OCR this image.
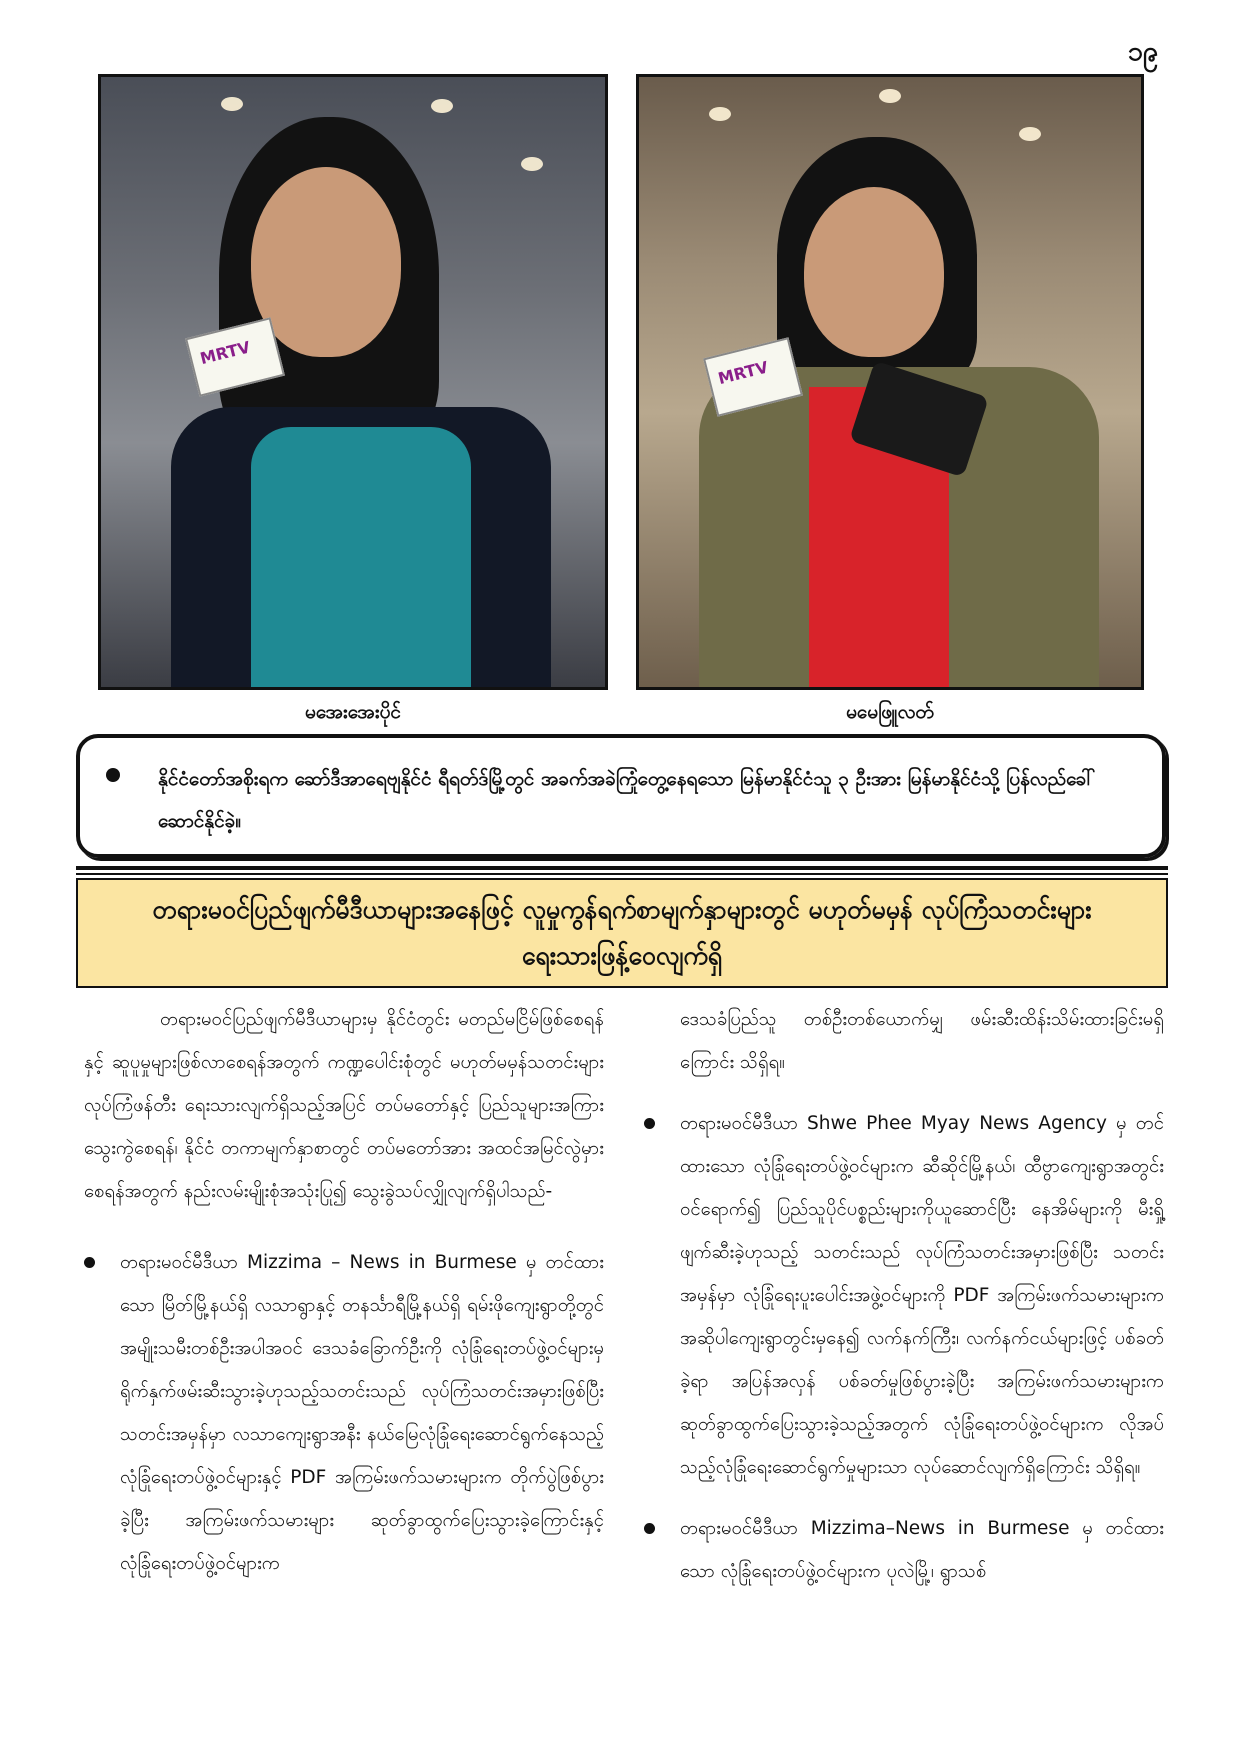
၁၉
MRTV
MRTV
မအေးအေးပိုင်	မမေဖြူလတ်

နိုင်ငံတော်အစိုးရက ဆော်ဒီအာရေဗျနိုင်ငံ ရီရတ်ဒ်မြို့တွင် အခက်အခဲကြုံတွေ့နေရသော မြန်မာနိုင်ငံသူ ၃ ဦးအား မြန်မာနိုင်ငံသို့ ပြန်လည်ခေါ်ဆောင်နိုင်ခဲ့။

တရားမဝင်ပြည်ဖျက်မီဒီယာများအနေဖြင့် လူမှုကွန်ရက်စာမျက်နှာများတွင် မဟုတ်မမှန် လုပ်ကြံသတင်းများ ရေးသားဖြန့်ဝေလျက်ရှိ

တရားမဝင်ပြည်ဖျက်မီဒီယာများမှ နိုင်ငံတွင်း မတည်မငြိမ်ဖြစ်စေရန်နှင့် ဆူပူမှုများဖြစ်လာစေရန်အတွက် ကဏ္ဍပေါင်းစုံတွင် မဟုတ်မမှန်သတင်းများ လုပ်ကြံဖန်တီး ရေးသားလျက်ရှိသည့်အပြင် တပ်မတော်နှင့် ပြည်သူများအကြား သွေးကွဲစေရန်၊ နိုင်ငံ တကာမျက်နှာစာတွင် တပ်မတော်အား အထင်အမြင်လွဲမှားစေရန်အတွက် နည်းလမ်းမျိုးစုံအသုံးပြု၍ သွေးခွဲသပ်လျှိုလျက်ရှိပါသည်-

တရားမဝင်မီဒီယာ Mizzima – News in Burmese မှ တင်ထားသော မြိတ်မြို့နယ်ရှိ လသာရွာနှင့် တနင်္သာရီမြို့နယ်ရှိ ရမ်းဖိုကျေးရွာတို့တွင် အမျိုးသမီးတစ်ဦးအပါအဝင် ဒေသခံခြောက်ဦးကို လုံခြုံရေးတပ်ဖွဲ့ဝင်များမှ ရိုက်နှက်ဖမ်းဆီးသွားခဲ့ဟုသည့်သတင်းသည် လုပ်ကြံသတင်းအမှားဖြစ်ပြီး သတင်းအမှန်မှာ လသာကျေးရွာအနီး နယ်မြေလုံခြုံရေးဆောင်ရွက်နေသည့် လုံခြုံရေးတပ်ဖွဲ့ဝင်များနှင့် PDF အကြမ်းဖက်သမားများက တိုက်ပွဲဖြစ်ပွားခဲ့ပြီး အကြမ်းဖက်သမားများ ဆုတ်ခွာထွက်ပြေးသွားခဲ့ကြောင်းနှင့် လုံခြုံရေးတပ်ဖွဲ့ဝင်များက

ဒေသခံပြည်သူ တစ်ဦးတစ်ယောက်မျှ ဖမ်းဆီးထိန်းသိမ်းထားခြင်းမရှိကြောင်း သိရှိရ။

တရားမဝင်မီဒီယာ Shwe Phee Myay News Agency မှ တင်ထားသော လုံခြုံရေးတပ်ဖွဲ့ဝင်များက ဆီဆိုင်မြို့နယ်၊ ထီဗွာကျေးရွာအတွင်းဝင်ရောက်၍ ပြည်သူပိုင်ပစ္စည်းများကိုယူဆောင်ပြီး နေအိမ်များကို မီးရှို့ဖျက်ဆီးခဲ့ဟုသည့် သတင်းသည် လုပ်ကြံသတင်းအမှားဖြစ်ပြီး သတင်းအမှန်မှာ လုံခြုံရေးပူးပေါင်းအဖွဲ့ဝင်များကို PDF အကြမ်းဖက်သမားများက အဆိုပါကျေးရွာတွင်းမှနေ၍ လက်နက်ကြီး၊ လက်နက်ငယ်များဖြင့် ပစ်ခတ်ခဲ့ရာ အပြန်အလှန် ပစ်ခတ်မှုဖြစ်ပွားခဲ့ပြီး အကြမ်းဖက်သမားများက ဆုတ်ခွာထွက်ပြေးသွားခဲ့သည့်အတွက် လုံခြုံရေးတပ်ဖွဲ့ဝင်များက လိုအပ်သည့်လုံခြုံရေးဆောင်ရွက်မှုများသာ လုပ်ဆောင်လျက်ရှိကြောင်း သိရှိရ။

တရားမဝင်မီဒီယာ Mizzima–News in Burmese မှ တင်ထားသော လုံခြုံရေးတပ်ဖွဲ့ဝင်များက ပုလဲမြို့၊ ရွာသစ်
